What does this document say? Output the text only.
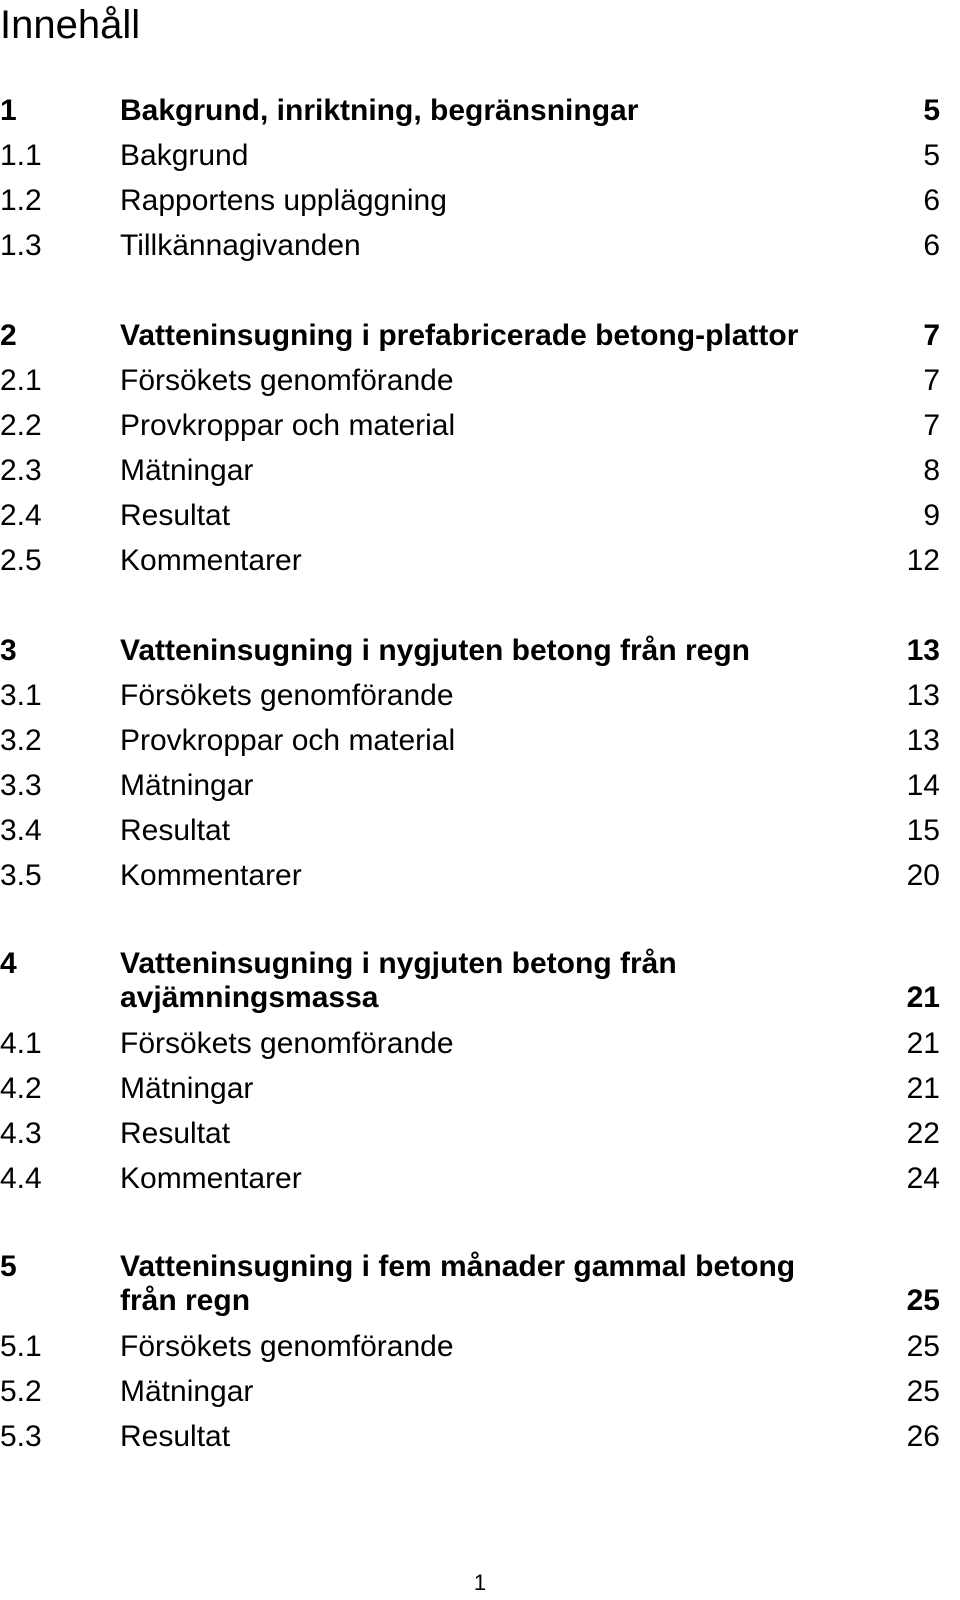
Innehåll
1	Bakgrund, inriktning, begränsningar	5
1.1	Bakgrund	5
1.2	Rapportens uppläggning	6
1.3	Tillkännagivanden	6
2	Vatteninsugning i prefabricerade betong-plattor	7
2.1	Försökets genomförande	7
2.2	Provkroppar och material	7
2.3	Mätningar	8
2.4	Resultat	9
2.5	Kommentarer	12
3	Vatteninsugning i nygjuten betong från regn	13
3.1	Försökets genomförande	13
3.2	Provkroppar och material	13
3.3	Mätningar	14
3.4	Resultat	15
3.5	Kommentarer	20
4	Vatteninsugning i nygjuten betong från avjämningsmassa	21
4.1	Försökets genomförande	21
4.2	Mätningar	21
4.3	Resultat	22
4.4	Kommentarer	24
5	Vatteninsugning i fem månader gammal betong från regn	25
5.1	Försökets genomförande	25
5.2	Mätningar	25
5.3	Resultat	26
1
